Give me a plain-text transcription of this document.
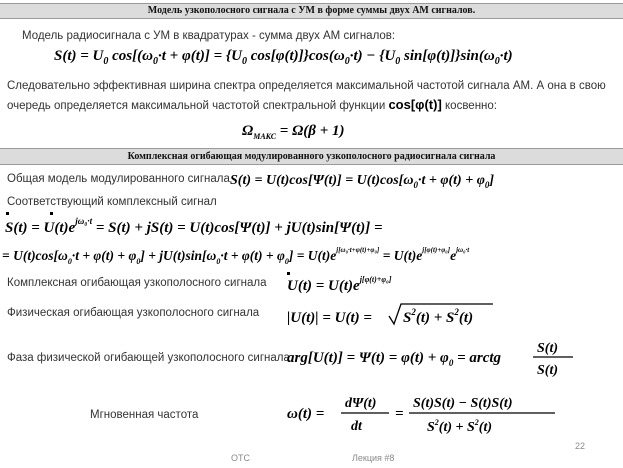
Модель узкополосного сигнала с УМ в форме суммы двух АМ сигналов.
Модель радиосигнала с УМ в квадратурах - сумма двух АМ сигналов:
$S(t) = U_0$ $\cos[(\omega_0\cdot t + \varphi(t)] = \{U_0$ $\cos[\varphi(t)]\}\cos(\omega_0\cdot t) - \{U_0$ $\sin[\varphi(t)]\}\sin(\omega_0\cdot t)$
Следовательно эффективная ширина спектра определяется максимальной частотой сигнала АМ. А она в свою
очередь определяется максимальной частотой спектральной функции cos[φ(t)] косвенно:
$\Omega_{МАКС} = \Omega(\beta + 1)$
Комплексная огибающая модулированного узкополосного радиосигнала сигнала
Общая модель модулированного сигнала $S(t) = U(t)\cos[\Psi(t)] = U(t)\cos[\omega_0\cdot t + \varphi(t) + \varphi_0]$
Соответствующий комплексный сигнал
$S(t) = U(t)e^{j\omega_0\cdot t} = S(t) + jS(t) = U(t)\cos[\Psi(t)] + jU(t)\sin[\Psi(t)]$ =
= $U(t)\cos[\omega_0\cdot t + \varphi(t) + \varphi_0] + jU(t)\sin[\omega_0\cdot t + \varphi(t) + \varphi_0] = U(t)e^{j[\omega_0\cdot t+\varphi(t)+\varphi_0]} = U(t)e^{j[\varphi(t)+\varphi_0]}e^{j\omega_0\cdot t}$
Комплексная огибающая узкополосного сигнала $U(t) = U(t)e^{j[\varphi(t)+\varphi_0]}$
Физическая огибающая узкополосного сигнала $|U(t)| = U(t) = S^2(t) + S^2(t)$
Фаза физической огибающей узкополосного сигнала
$arg[U(t)] = \Psi(t) = \varphi(t) + \varphi_0$ = arctg
S(t)
S(t)
Мгновенная частота	ω(t) =
dΨ(t)
dt
=
S(t)S(t) − S(t)S(t)
$S^2(t) + S^2(t)$
22
ОТС	Лекция #8
